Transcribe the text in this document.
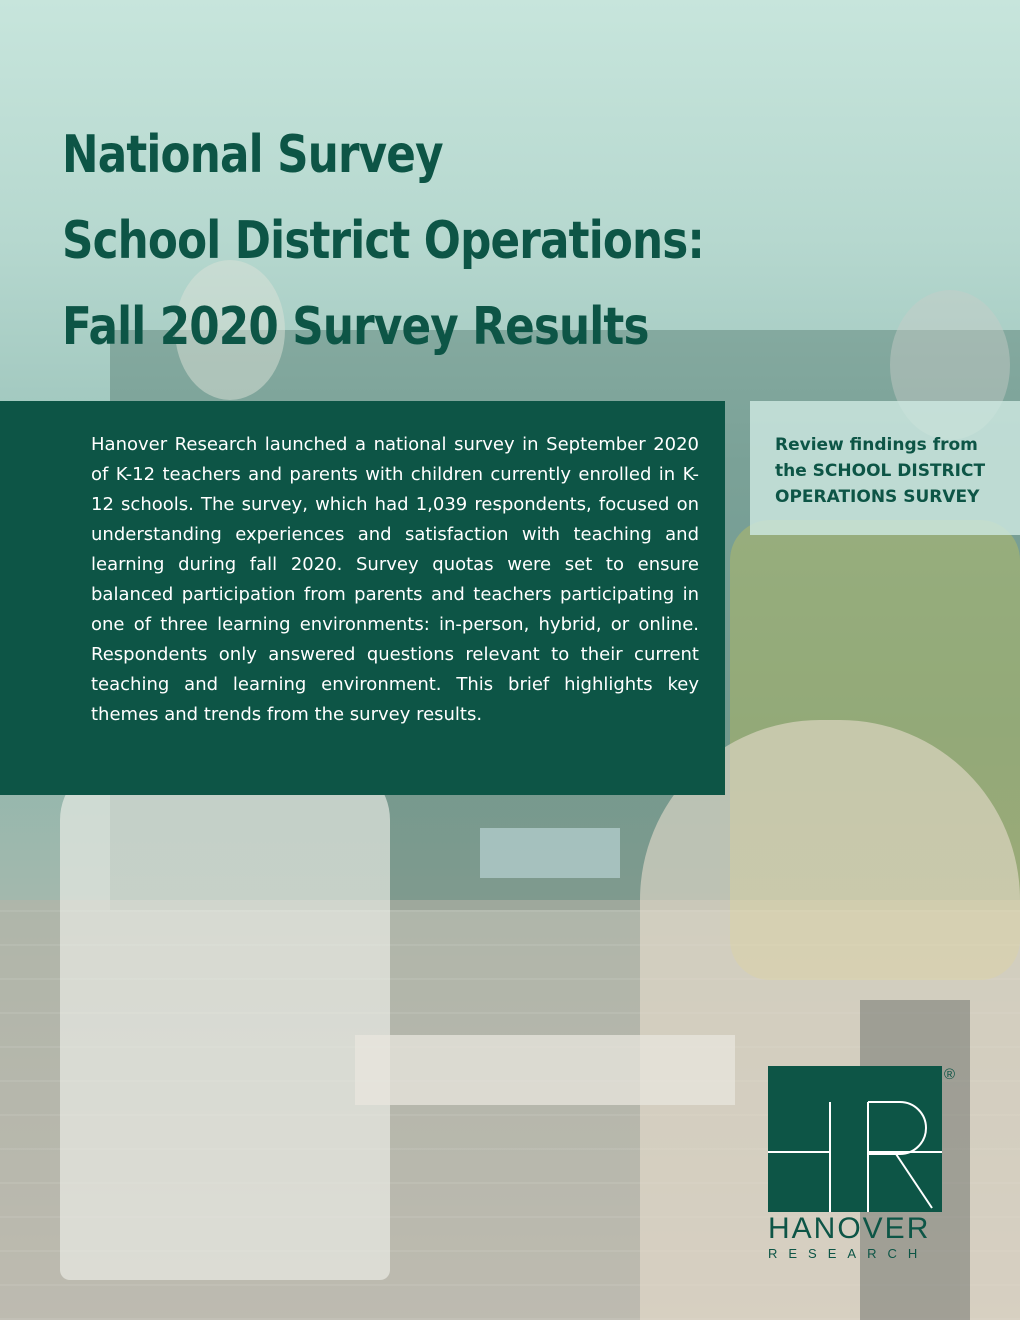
National Survey
School District Operations:
Fall 2020 Survey Results

Hanover Research launched a national survey in September 2020 of K-12 teachers and parents with children currently enrolled in K-12 schools. The survey, which had 1,039 respondents, focused on understanding experiences and satisfaction with teaching and learning during fall 2020. Survey quotas were set to ensure balanced participation from parents and teachers participating in one of three learning environments: in-person, hybrid, or online. Respondents only answered questions relevant to their current teaching and learning environment. This brief highlights key themes and trends from the survey results.

Review findings from
the SCHOOL DISTRICT
OPERATIONS SURVEY
®
HANOVER
RESEARCH
